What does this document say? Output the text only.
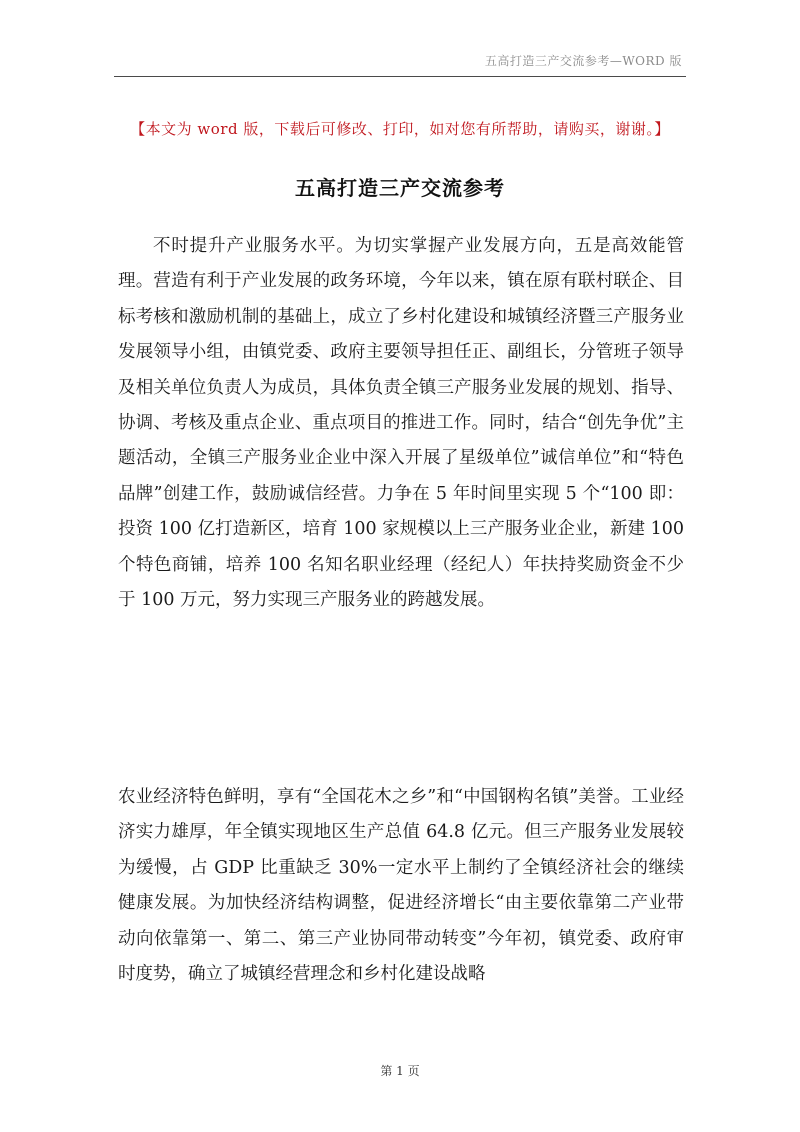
五高打造三产交流参考—WORD 版
【本文为 word 版，下载后可修改、打印，如对您有所帮助，请购买，谢谢。】
五高打造三产交流参考

不时提升产业服务水平。为切实掌握产业发展方向，五是高效能管理。营造有利于产业发展的政务环境，今年以来，镇在原有联村联企、目标考核和激励机制的基础上，成立了乡村化建设和城镇经济暨三产服务业发展领导小组，由镇党委、政府主要领导担任正、副组长，分管班子领导及相关单位负责人为成员，具体负责全镇三产服务业发展的规划、指导、协调、考核及重点企业、重点项目的推进工作。同时，结合“创先争优”主题活动，全镇三产服务业企业中深入开展了星级单位”诚信单位”和“特色品牌”创建工作，鼓励诚信经营。力争在 5 年时间里实现 5 个“100 即：投资 100 亿打造新区，培育 100 家规模以上三产服务业企业，新建 100 个特色商铺，培养 100 名知名职业经理（经纪人）年扶持奖励资金不少于 100 万元，努力实现三产服务业的跨越发展。

农业经济特色鲜明，享有“全国花木之乡”和“中国钢构名镇”美誉。工业经济实力雄厚，年全镇实现地区生产总值 64.8 亿元。但三产服务业发展较为缓慢，占 GDP 比重缺乏 30%一定水平上制约了全镇经济社会的继续健康发展。为加快经济结构调整，促进经济增长“由主要依靠第二产业带动向依靠第一、第二、第三产业协同带动转变”今年初，镇党委、政府审时度势，确立了城镇经营理念和乡村化建设战略

第 1 页
